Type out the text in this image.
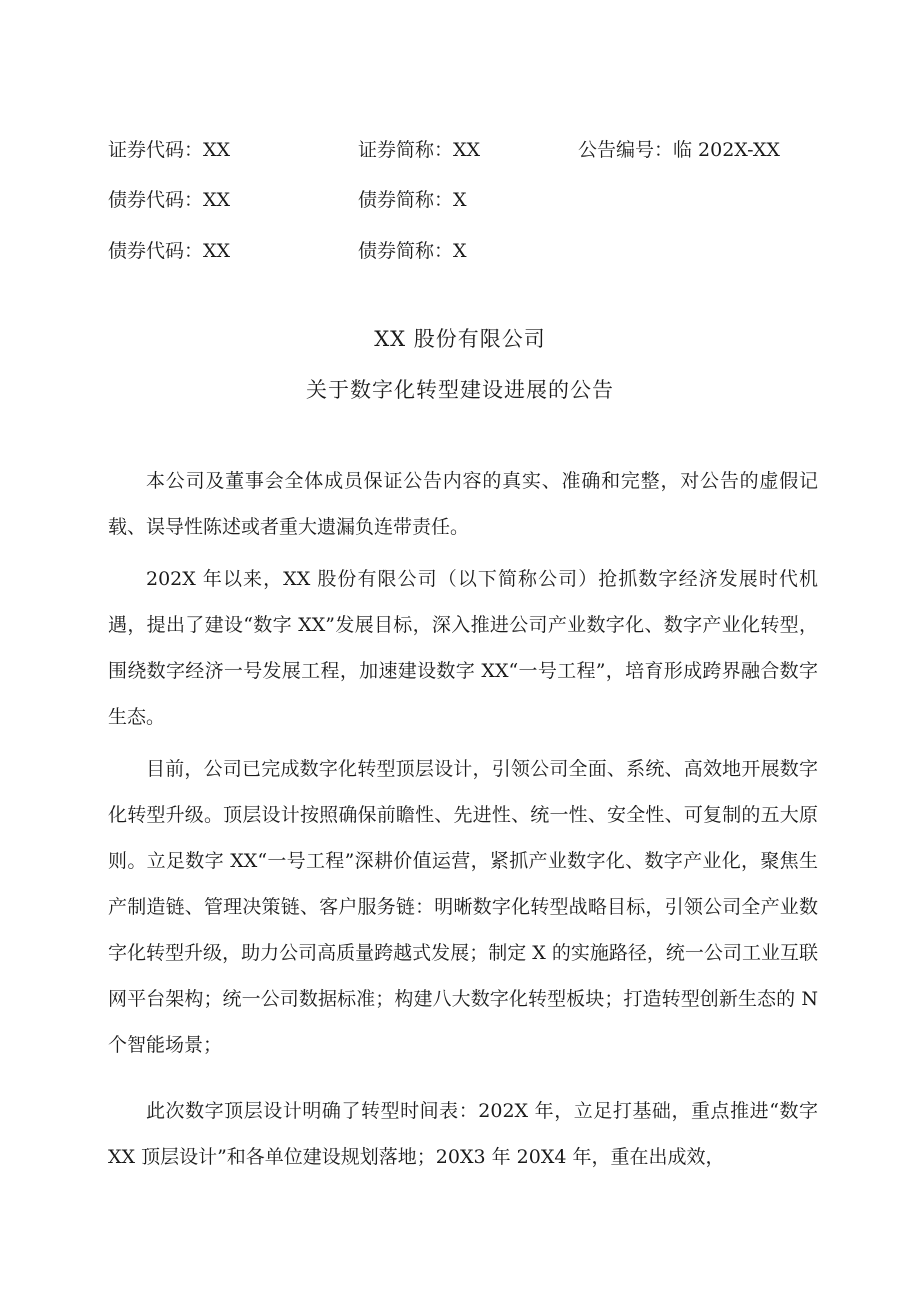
证券代码：XX	证券简称：XX	公告编号：临 202X-XX
债券代码：XX	债券简称：X
债券代码：XX	债券简称：X
XX 股份有限公司
关于数字化转型建设进展的公告

本公司及董事会全体成员保证公告内容的真实、准确和完整，对公告的虚假记载、误导性陈述或者重大遗漏负连带责任。

202X 年以来，XX 股份有限公司（以下简称公司）抢抓数字经济发展时代机遇，提出了建设“数字 XX”发展目标，深入推进公司产业数字化、数字产业化转型，围绕数字经济一号发展工程，加速建设数字 XX“一号工程”，培育形成跨界融合数字生态。

目前，公司已完成数字化转型顶层设计，引领公司全面、系统、高效地开展数字化转型升级。顶层设计按照确保前瞻性、先进性、统一性、安全性、可复制的五大原则。立足数字 XX“一号工程”深耕价值运营，紧抓产业数字化、数字产业化，聚焦生产制造链、管理决策链、客户服务链：明晰数字化转型战略目标，引领公司全产业数字化转型升级，助力公司高质量跨越式发展；制定 X 的实施路径，统一公司工业互联网平台架构；统一公司数据标准；构建八大数字化转型板块；打造转型创新生态的 N 个智能场景；

此次数字顶层设计明确了转型时间表：202X 年，立足打基础，重点推进“数字 XX 顶层设计”和各单位建设规划落地；20X3 年 20X4 年，重在出成效，
